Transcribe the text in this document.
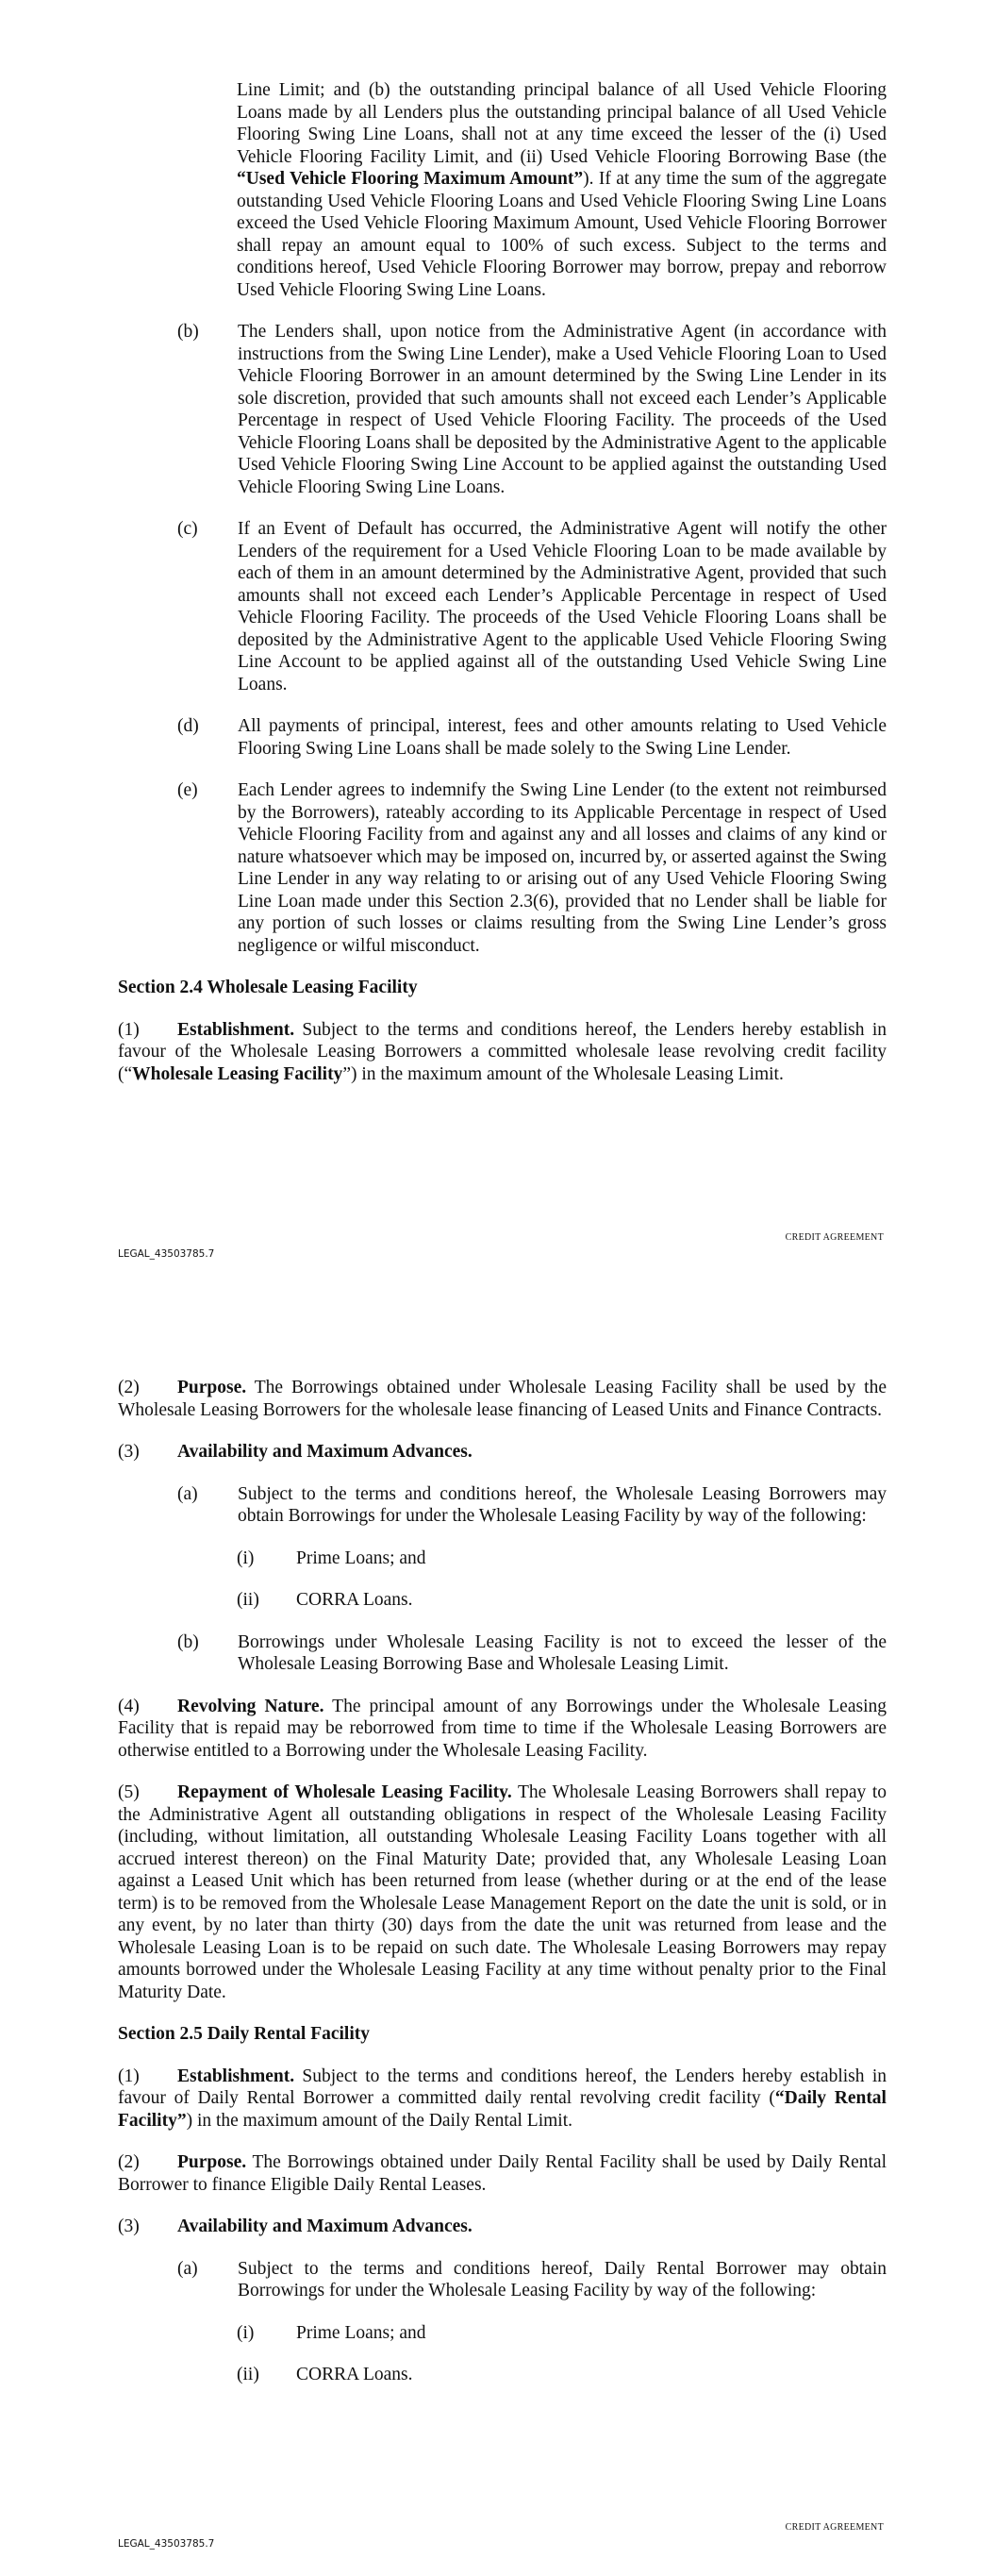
Line Limit; and (b) the outstanding principal balance of all Used Vehicle Flooring Loans made by all Lenders plus the outstanding principal balance of all Used Vehicle Flooring Swing Line Loans, shall not at any time exceed the lesser of the (i) Used Vehicle Flooring Facility Limit, and (ii) Used Vehicle Flooring Borrowing Base (the “Used Vehicle Flooring Maximum Amount”). If at any time the sum of the aggregate outstanding Used Vehicle Flooring Loans and Used Vehicle Flooring Swing Line Loans exceed the Used Vehicle Flooring Maximum Amount, Used Vehicle Flooring Borrower shall repay an amount equal to 100% of such excess. Subject to the terms and conditions hereof, Used Vehicle Flooring Borrower may borrow, prepay and reborrow Used Vehicle Flooring Swing Line Loans.

(b)	The Lenders shall, upon notice from the Administrative Agent (in accordance with instructions from the Swing Line Lender), make a Used Vehicle Flooring Loan to Used Vehicle Flooring Borrower in an amount determined by the Swing Line Lender in its sole discretion, provided that such amounts shall not exceed each Lender’s Applicable Percentage in respect of Used Vehicle Flooring Facility. The proceeds of the Used Vehicle Flooring Loans shall be deposited by the Administrative Agent to the applicable Used Vehicle Flooring Swing Line Account to be applied against the outstanding Used Vehicle Flooring Swing Line Loans.

(c)	If an Event of Default has occurred, the Administrative Agent will notify the other Lenders of the requirement for a Used Vehicle Flooring Loan to be made available by each of them in an amount determined by the Administrative Agent, provided that such amounts shall not exceed each Lender’s Applicable Percentage in respect of Used Vehicle Flooring Facility. The proceeds of the Used Vehicle Flooring Loans shall be deposited by the Administrative Agent to the applicable Used Vehicle Flooring Swing Line Account to be applied against all of the outstanding Used Vehicle Swing Line Loans.

(d)	All payments of principal, interest, fees and other amounts relating to Used Vehicle Flooring Swing Line Loans shall be made solely to the Swing Line Lender.

(e)	Each Lender agrees to indemnify the Swing Line Lender (to the extent not reimbursed by the Borrowers), rateably according to its Applicable Percentage in respect of Used Vehicle Flooring Facility from and against any and all losses and claims of any kind or nature whatsoever which may be imposed on, incurred by, or asserted against the Swing Line Lender in any way relating to or arising out of any Used Vehicle Flooring Swing Line Loan made under this Section 2.3(6), provided that no Lender shall be liable for any portion of such losses or claims resulting from the Swing Line Lender’s gross negligence or wilful misconduct.

Section 2.4 Wholesale Leasing Facility

(1) Establishment. Subject to the terms and conditions hereof, the Lenders hereby establish in favour of the Wholesale Leasing Borrowers a committed wholesale lease revolving credit facility (“Wholesale Leasing Facility”) in the maximum amount of the Wholesale Leasing Limit.

CREDIT AGREEMENT
LEGAL_43503785.7

(2) Purpose. The Borrowings obtained under Wholesale Leasing Facility shall be used by the Wholesale Leasing Borrowers for the wholesale lease financing of Leased Units and Finance Contracts.

(3) Availability and Maximum Advances.

(a)	Subject to the terms and conditions hereof, the Wholesale Leasing Borrowers may obtain Borrowings for under the Wholesale Leasing Facility by way of the following:

(i)	Prime Loans; and

(ii)	CORRA Loans.

(b)	Borrowings under Wholesale Leasing Facility is not to exceed the lesser of the Wholesale Leasing Borrowing Base and Wholesale Leasing Limit.

(4) Revolving Nature. The principal amount of any Borrowings under the Wholesale Leasing Facility that is repaid may be reborrowed from time to time if the Wholesale Leasing Borrowers are otherwise entitled to a Borrowing under the Wholesale Leasing Facility.

(5) Repayment of Wholesale Leasing Facility. The Wholesale Leasing Borrowers shall repay to the Administrative Agent all outstanding obligations in respect of the Wholesale Leasing Facility (including, without limitation, all outstanding Wholesale Leasing Facility Loans together with all accrued interest thereon) on the Final Maturity Date; provided that, any Wholesale Leasing Loan against a Leased Unit which has been returned from lease (whether during or at the end of the lease term) is to be removed from the Wholesale Lease Management Report on the date the unit is sold, or in any event, by no later than thirty (30) days from the date the unit was returned from lease and the Wholesale Leasing Loan is to be repaid on such date. The Wholesale Leasing Borrowers may repay amounts borrowed under the Wholesale Leasing Facility at any time without penalty prior to the Final Maturity Date.

Section 2.5 Daily Rental Facility

(1) Establishment. Subject to the terms and conditions hereof, the Lenders hereby establish in favour of Daily Rental Borrower a committed daily rental revolving credit facility (“Daily Rental Facility”) in the maximum amount of the Daily Rental Limit.

(2) Purpose. The Borrowings obtained under Daily Rental Facility shall be used by Daily Rental Borrower to finance Eligible Daily Rental Leases.

(3) Availability and Maximum Advances.

(a)	Subject to the terms and conditions hereof, Daily Rental Borrower may obtain Borrowings for under the Wholesale Leasing Facility by way of the following:

(i)	Prime Loans; and

(ii)	CORRA Loans.

CREDIT AGREEMENT
LEGAL_43503785.7
